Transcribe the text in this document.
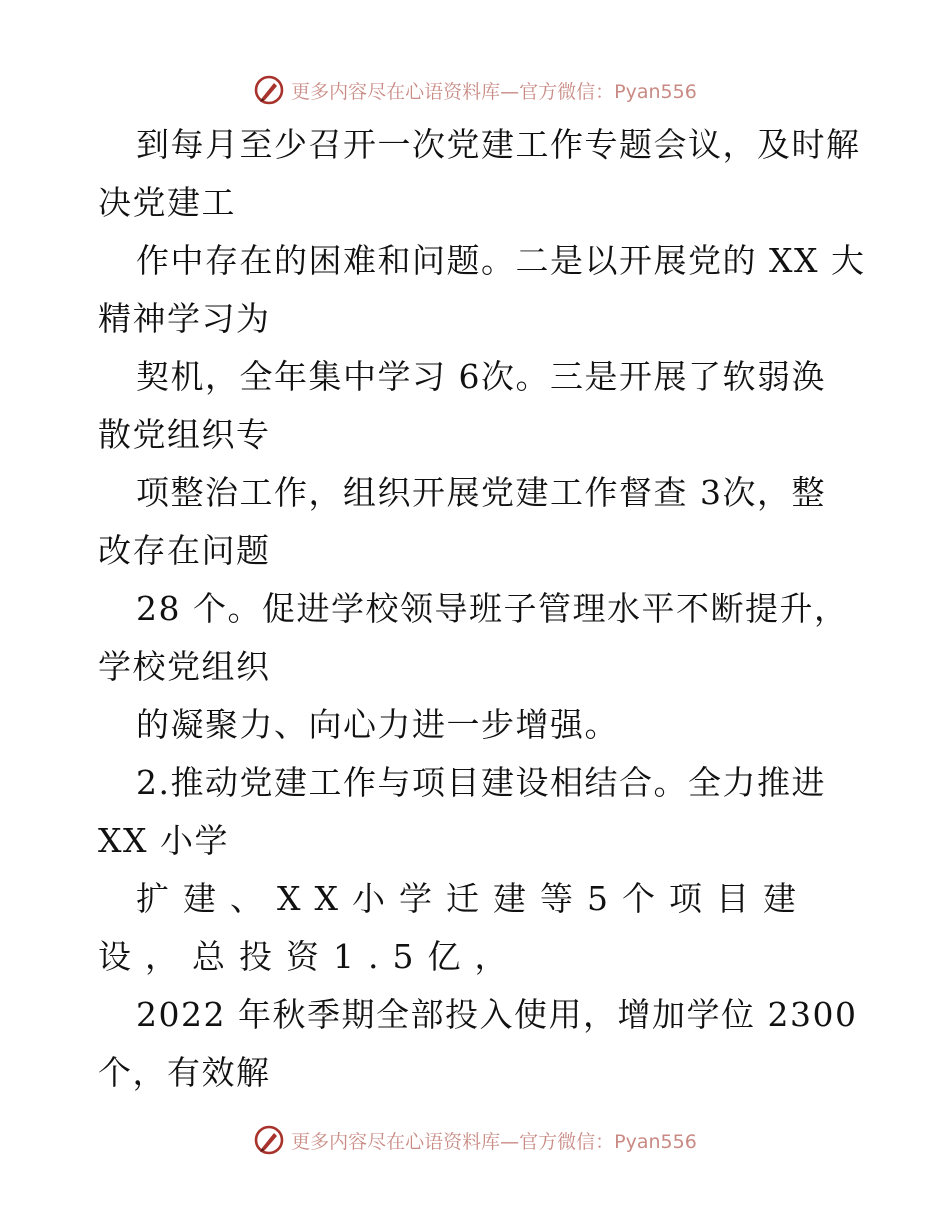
更多内容尽在心语资料库—官方微信：Pyan556
到每月至少召开一次党建工作专题会议，及时解
决党建工
作中存在的困难和问题。二是以开展党的 XX 大
精神学习为
契机，全年集中学习 6次。三是开展了软弱涣
散党组织专
项整治工作，组织开展党建工作督查 3次，整
改存在问题
28 个。促进学校领导班子管理水平不断提升，
学校党组织
的凝聚力、向心力进一步增强。
2.推动党建工作与项目建设相结合。全力推进
XX 小学
扩建、XX小学迁建等5个项目建
设，总投资1.5亿，
2022 年秋季期全部投入使用，增加学位 2300
个，有效解
更多内容尽在心语资料库—官方微信：Pyan556
